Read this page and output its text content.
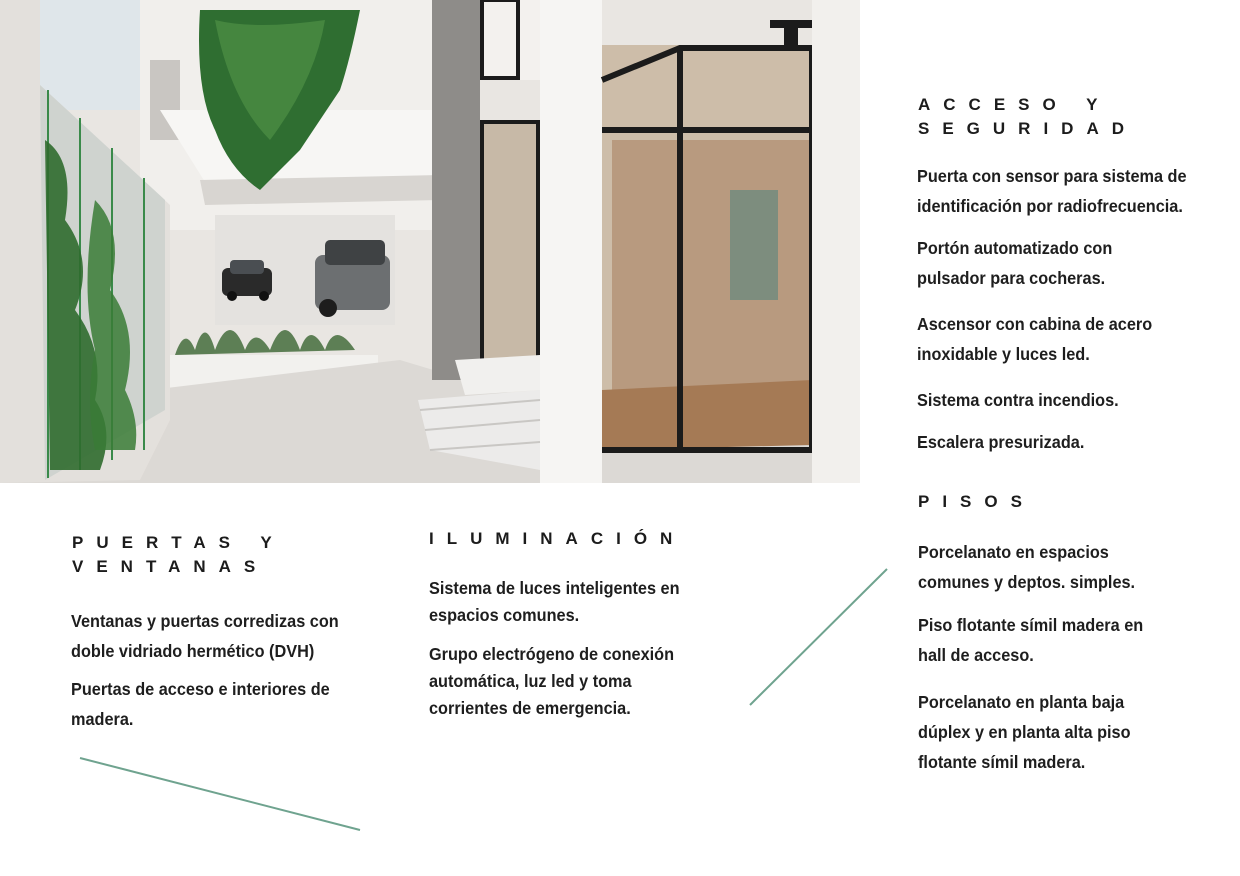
ACCESO Y
SEGURIDAD

Puerta con sensor para sistema de
identificación por radiofrecuencia.

Portón automatizado con
pulsador para cocheras.

Ascensor con cabina de acero
inoxidable y luces led.

Sistema contra incendios.

Escalera presurizada.

PISOS

Porcelanato en espacios
comunes y deptos. simples.

Piso flotante símil madera en
hall de acceso.

Porcelanato en planta baja
dúplex y en planta alta piso
flotante símil madera.

PUERTAS Y
VENTANAS

Ventanas y puertas corredizas con
doble vidriado hermético (DVH)

Puertas de acceso e interiores de
madera.

ILUMINACIÓN

Sistema de luces inteligentes en
espacios comunes.

Grupo electrógeno de conexión
automática, luz led y toma
corrientes de emergencia.
